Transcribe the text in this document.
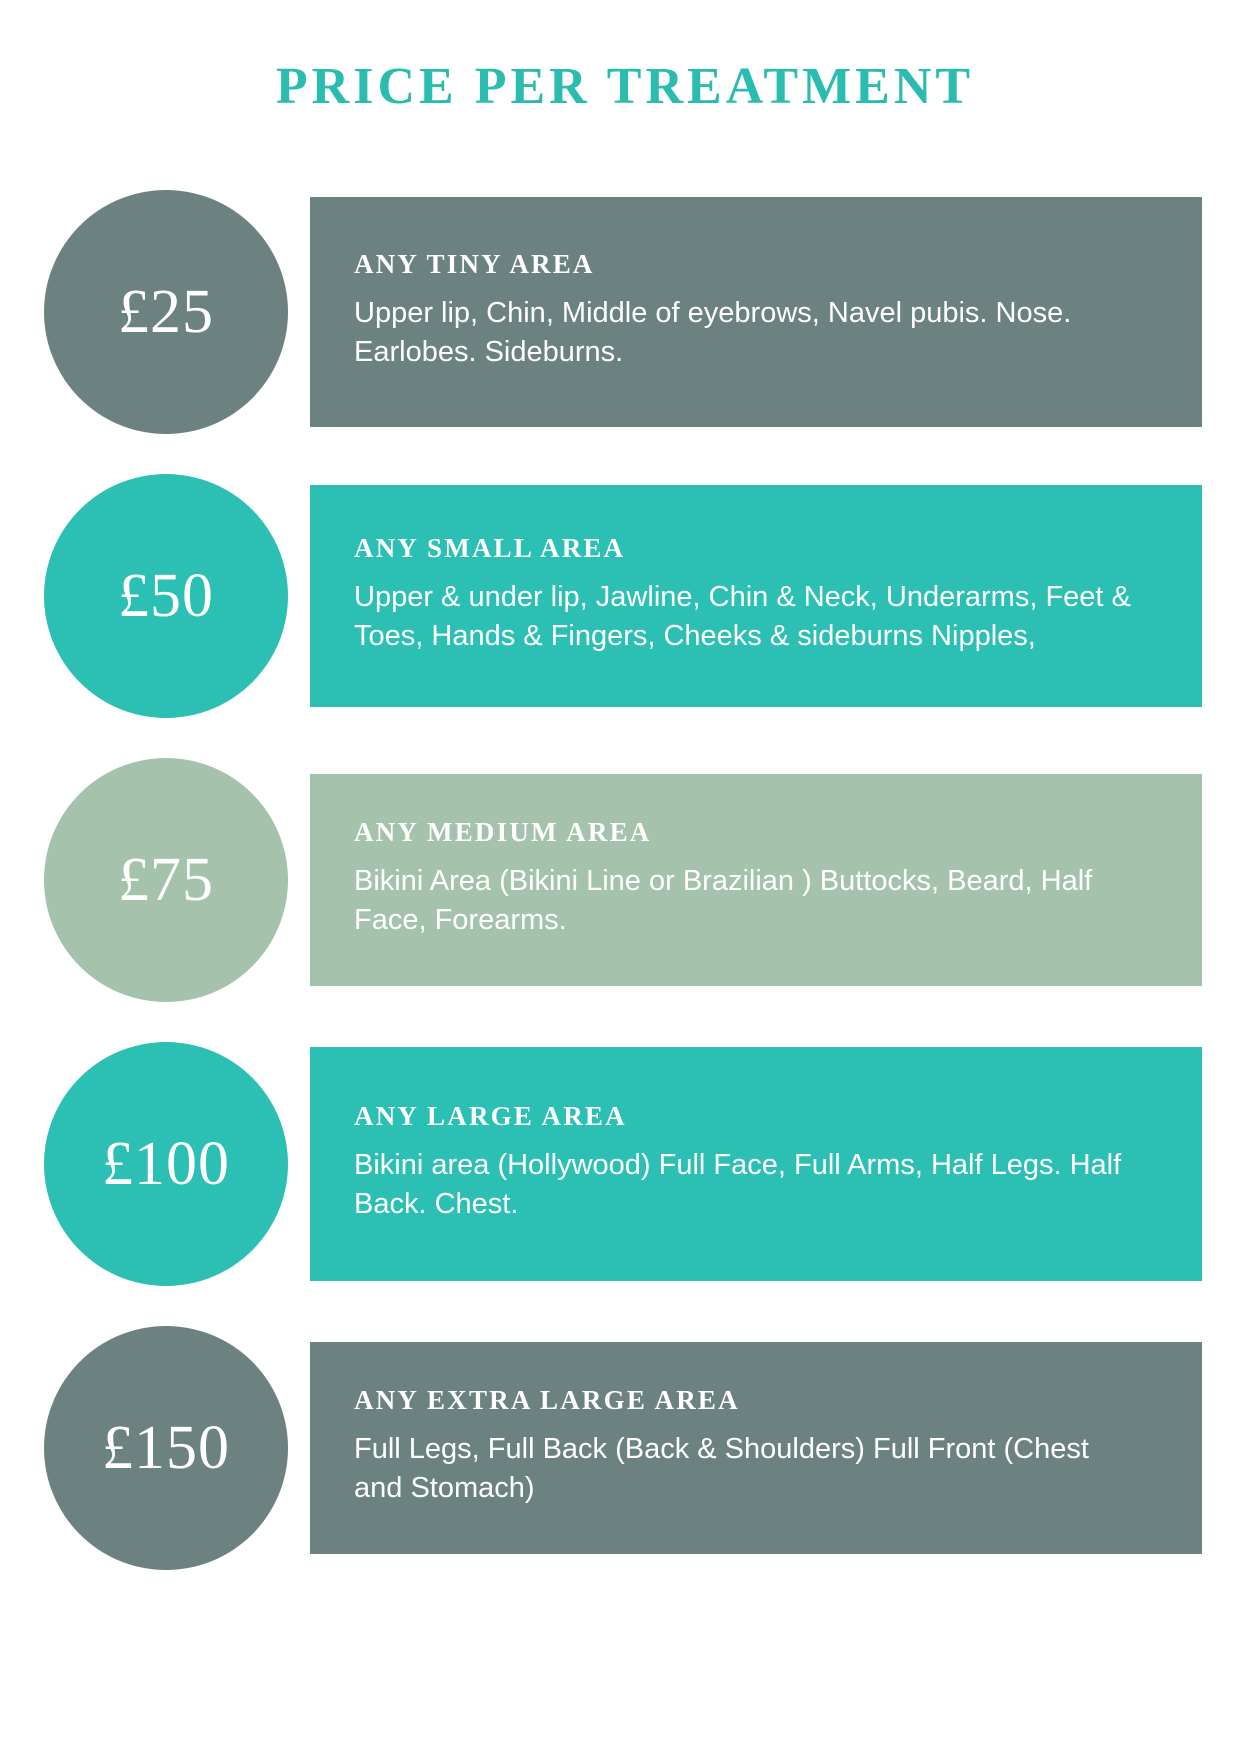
PRICE PER TREATMENT
£25
ANY TINY AREA
Upper lip, Chin, Middle of eyebrows, Navel pubis. Nose. Earlobes. Sideburns.
£50
ANY SMALL AREA
Upper & under lip, Jawline, Chin & Neck, Underarms, Feet & Toes, Hands & Fingers, Cheeks & sideburns Nipples,
£75
ANY MEDIUM AREA
Bikini Area (Bikini Line or Brazilian ) Buttocks, Beard, Half Face, Forearms.
£100
ANY LARGE AREA
Bikini area (Hollywood) Full Face, Full Arms, Half Legs. Half Back. Chest.
£150
ANY EXTRA LARGE AREA
Full Legs, Full Back (Back & Shoulders) Full Front (Chest and Stomach)
